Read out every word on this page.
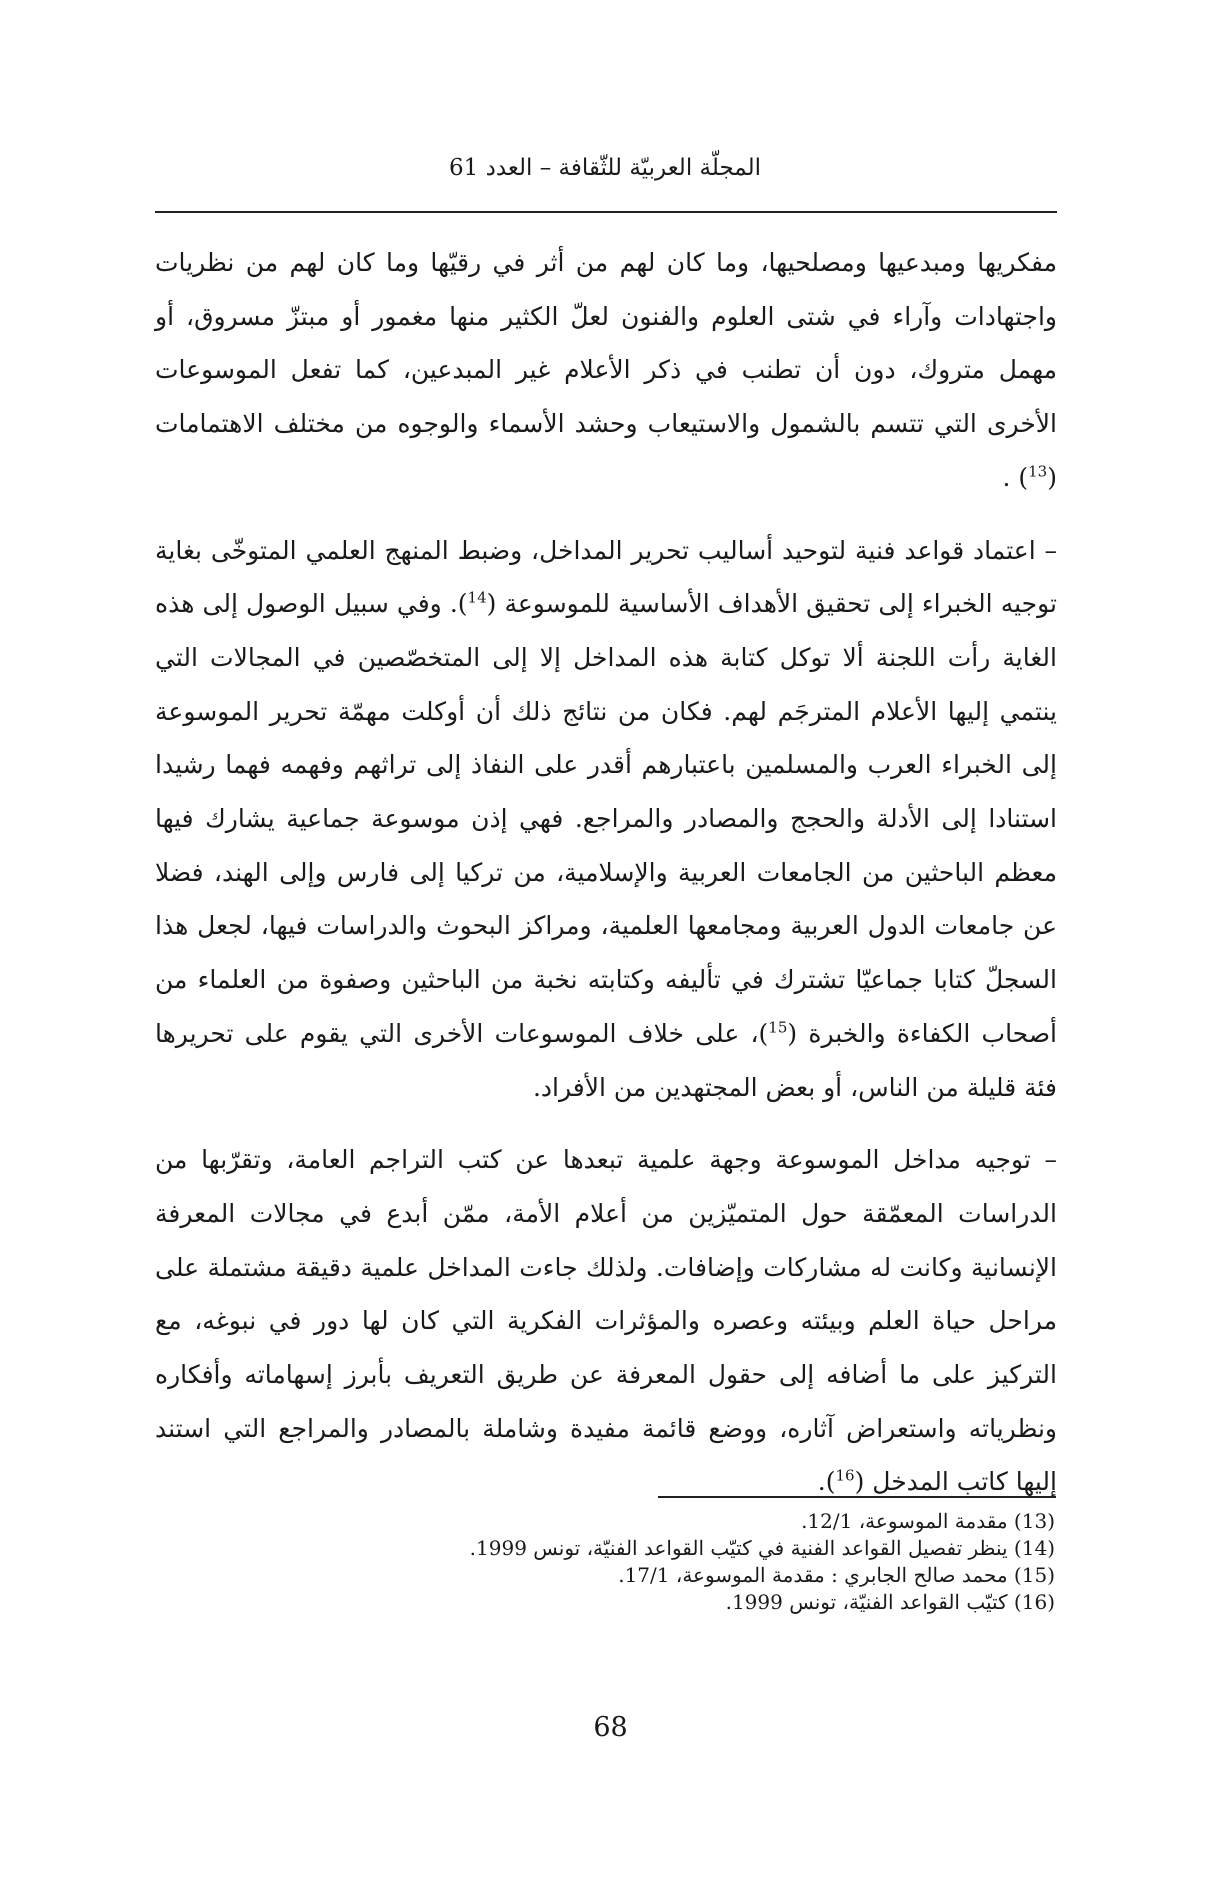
المجلّة العربيّة للثّقافة – العدد 61

مفكريها ومبدعيها ومصلحيها، وما كان لهم من أثر في رقيّها وما كان لهم من نظريات واجتهادات وآراء في شتى العلوم والفنون لعلّ الكثير منها مغمور أو مبتزّ مسروق، أو مهمل متروك، دون أن تطنب في ذكر الأعلام غير المبدعين، كما تفعل الموسوعات الأخرى التي تتسم بالشمول والاستيعاب وحشد الأسماء والوجوه من مختلف الاهتمامات ($^{13}$) .

– اعتماد قواعد فنية لتوحيد أساليب تحرير المداخل، وضبط المنهج العلمي المتوخّى بغاية توجيه الخبراء إلى تحقيق الأهداف الأساسية للموسوعة ($^{14}$). وفي سبيل الوصول إلى هذه الغاية رأت اللجنة ألا توكل كتابة هذه المداخل إلا إلى المتخصّصين في المجالات التي ينتمي إليها الأعلام المترجَم لهم. فكان من نتائج ذلك أن أوكلت مهمّة تحرير الموسوعة إلى الخبراء العرب والمسلمين باعتبارهم أقدر على النفاذ إلى تراثهم وفهمه فهما رشيدا استنادا إلى الأدلة والحجج والمصادر والمراجع. فهي إذن موسوعة جماعية يشارك فيها معظم الباحثين من الجامعات العربية والإسلامية، من تركيا إلى فارس وإلى الهند، فضلا عن جامعات الدول العربية ومجامعها العلمية، ومراكز البحوث والدراسات فيها، لجعل هذا السجلّ كتابا جماعيّا تشترك في تأليفه وكتابته نخبة من الباحثين وصفوة من العلماء من أصحاب الكفاءة والخبرة ($^{15}$)، على خلاف الموسوعات الأخرى التي يقوم على تحريرها فئة قليلة من الناس، أو بعض المجتهدين من الأفراد.

– توجيه مداخل الموسوعة وجهة علمية تبعدها عن كتب التراجم العامة، وتقرّبها من الدراسات المعمّقة حول المتميّزين من أعلام الأمة، ممّن أبدع في مجالات المعرفة الإنسانية وكانت له مشاركات وإضافات. ولذلك جاءت المداخل علمية دقيقة مشتملة على مراحل حياة العلم وبيئته وعصره والمؤثرات الفكرية التي كان لها دور في نبوغه، مع التركيز على ما أضافه إلى حقول المعرفة عن طريق التعريف بأبرز إسهاماته وأفكاره ونظرياته واستعراض آثاره، ووضع قائمة مفيدة وشاملة بالمصادر والمراجع التي استند إليها كاتب المدخل ($^{16}$).

(13) مقدمة الموسوعة، 12/1.
(14) ينظر تفصيل القواعد الفنية في كتيّب القواعد الفنيّة، تونس 1999.
(15) محمد صالح الجابري : مقدمة الموسوعة، 17/1.
(16) كتيّب القواعد الفنيّة، تونس 1999.
68
